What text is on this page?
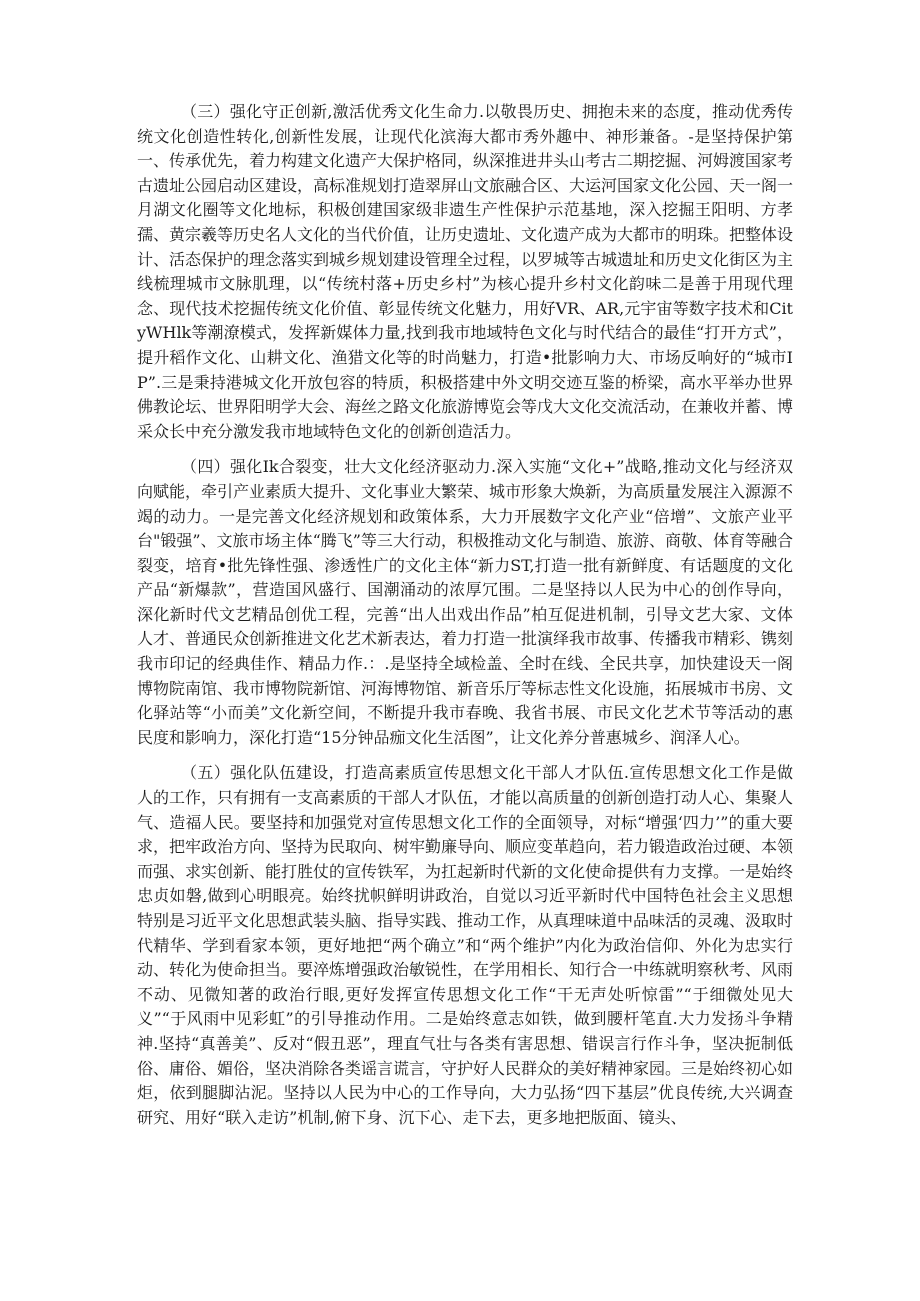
（三）强化守正创新,激活优秀文化生命力.以敬畏历史、拥抱未来的态度，推动优秀传统文化创造性转化,创新性发展，让现代化滨海大都市秀外趣中、神形兼备。-是坚持保护第一、传承优先，着力构建文化遗产大保护格同，纵深推进井头山考古二期挖掘、河姆渡国家考古遗址公园启动区建设，高标准规划打造翠屏山文旅融合区、大运河国家文化公园、天一阁一月湖文化圈等文化地标，积极创建国家级非遗生产性保护示范基地，深入挖掘王阳明、方孝孺、黄宗羲等历史名人文化的当代价值，让历史遗址、文化遗产成为大都市的明珠。把整体设计、活态保护的理念落实到城乡规划建设管理全过程，以罗城等古城遗址和历史文化街区为主线梳理城市文脉肌理，以“传统村落+历史乡村”为核心提升乡村文化韵味二是善于用现代理念、现代技术挖掘传统文化价值、彰显传统文化魅力，用好VR、AR,元宇宙等数字技术和CityWHlk等潮潦模式，发挥新媒体力量,找到我市地域特色文化与时代结合的最佳“打开方式”，提升稻作文化、山耕文化、渔猎文化等的时尚魅力，打造•批影响力大、市场反响好的“城市IP”.三是秉持港城文化开放包容的特质，积极搭建中外文明交迹互鉴的桥梁，高水平举办世界佛教论坛、世界阳明学大会、海丝之路文化旅游博览会等戊大文化交流活动，在兼收并蓄、博采众长中充分激发我市地域特色文化的创新创造活力。

（四）强化Ik合裂变，壮大文化经济驱动力.深入实施“文化+”战略,推动文化与经济双向赋能，牵引产业素质大提升、文化事业大繁荣、城市形象大焕新，为高质量发展注入源源不竭的动力。一是完善文化经济规划和政策体系，大力开展数字文化产业“倍增”、文旅产业平台"锻强”、文旅市场主体“腾飞”等三大行动，积极推动文化与制造、旅游、商敬、体育等融合裂变，培育•批先锋性强、渗透性广的文化主体“新力ST,打造一批有新鲜度、有话题度的文化产品“新爆款”，营造国风盛行、国潮涌动的浓厚冗围。二是坚持以人民为中心的创作导向，深化新时代文艺精品创优工程，完善“出人出戏出作品”柏互促进机制，引导文艺大家、文体人才、普通民众创新推进文化艺术新表达，着力打造一批演绎我市故事、传播我市精彩、镌刻我市印记的经典佳作、精品力作.：.是坚持全域检盖、全时在线、全民共享，加快建设天一阁博物院南馆、我市博物院新馆、河海博物馆、新音乐厅等标志性文化设施，拓展城市书房、文化驿站等“小而美”文化新空间，不断提升我市春晚、我省书展、市民文化艺术节等活动的惠民度和影响力，深化打造“15分钟品痂文化生活图”，让文化养分普惠城乡、润泽人心。

（五）强化队伍建设，打造高素质宣传思想文化干部人才队伍.宣传思想文化工作是做人的工作，只有拥有一支高素质的干部人才队伍，才能以高质量的创新创造打动人心、集聚人气、造福人民。要坚持和加强党对宣传思想文化工作的全面领导，对标“增强‘四力’”的重大要求，把牢政治方向、坚持为民取向、树牢勤廉导向、顺应变革趋向，若力锻造政治过硬、本领而强、求实创新、能打胜仗的宣传铁军，为扛起新时代新的文化使命提供有力支撑。一是始终忠贞如磐,做到心明眼亮。始终扰帜鲜明讲政治，自觉以习近平新时代中国特色社会主义思想特别是习近平文化思想武装头脑、指导实践、推动工作，从真理味道中品味活的灵魂、汲取时代精华、学到看家本领，更好地把“两个确立”和“两个维护”内化为政治信仰、外化为忠实行动、转化为使命担当。要淬炼增强政治敏锐性，在学用相长、知行合一中练就明察秋考、风雨不动、见微知著的政治行眼,更好发挥宣传思想文化工作“干无声处听惊雷”“于细微处见大义”“于风雨中见彩虹”的引导推动作用。二是始终意志如铁，做到腰杆笔直.大力发扬斗争精神.坚持“真善美”、反对“假丑恶”，理直气壮与各类有害思想、错误言行作斗争，坚决扼制低俗、庸俗、媚俗，坚决消除各类谣言谎言，守护好人民群众的美好精神家园。三是始终初心如炬，依到腿脚沾泥。坚持以人民为中心的工作导向，大力弘扬“四下基层”优良传统,大兴调查研究、用好“联入走访”机制,俯下身、沉下心、走下去，更多地把版面、镜头、
